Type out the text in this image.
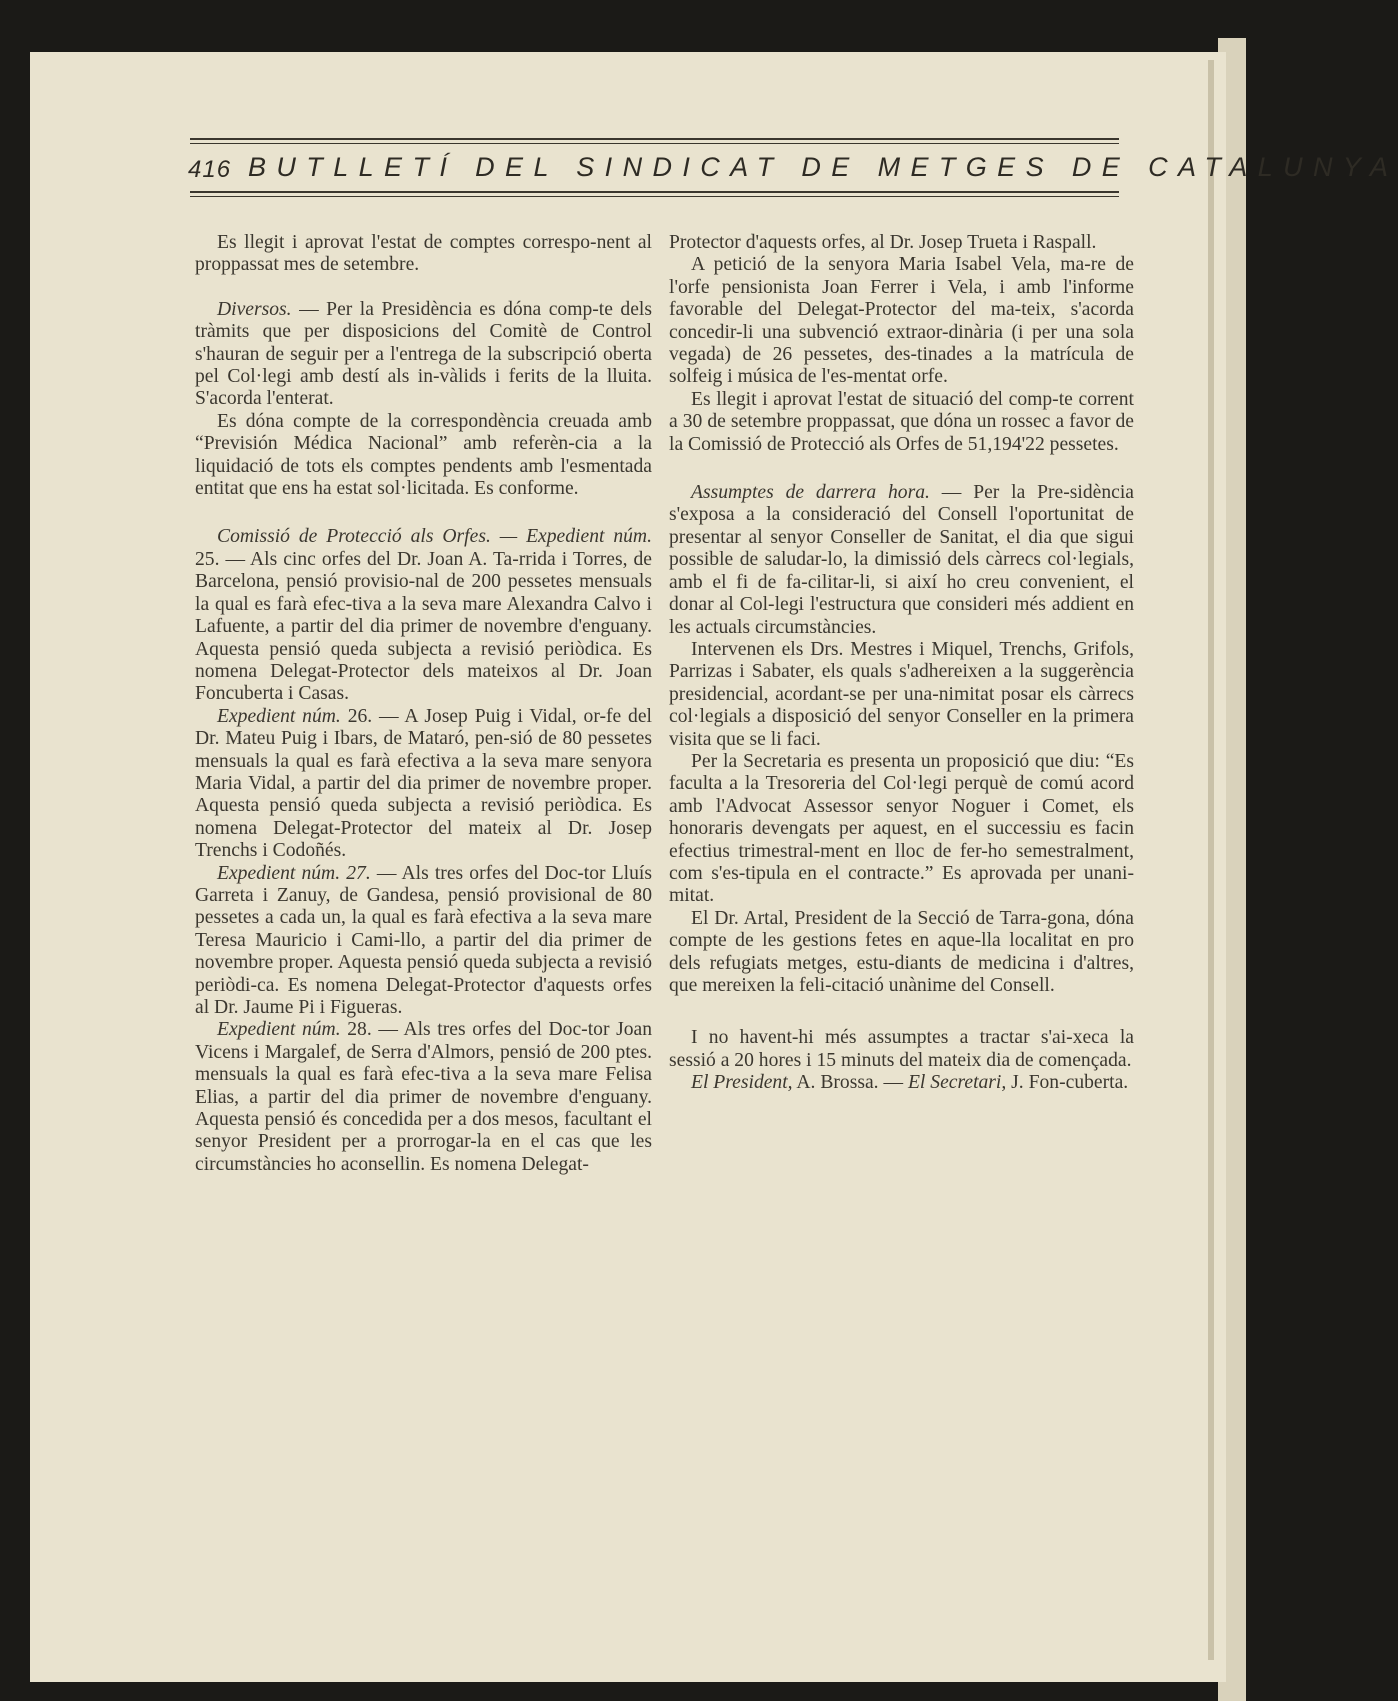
416 BUTLLETÍ DEL SINDICAT DE METGES DE CATALUNYA

Es llegit i aprovat l'estat de comptes correspo-nent al proppassat mes de setembre.

Diversos. — Per la Presidència es dóna comp-te dels tràmits que per disposicions del Comitè de Control s'hauran de seguir per a l'entrega de la subscripció oberta pel Col·legi amb destí als in-vàlids i ferits de la lluita. S'acorda l'enterat.

Es dóna compte de la correspondència creuada amb “Previsión Médica Nacional” amb referèn-cia a la liquidació de tots els comptes pendents amb l'esmentada entitat que ens ha estat sol·licitada. Es conforme.

Comissió de Protecció als Orfes. — Expedient núm. 25. — Als cinc orfes del Dr. Joan A. Ta-rrida i Torres, de Barcelona, pensió provisio-nal de 200 pessetes mensuals la qual es farà efec-tiva a la seva mare Alexandra Calvo i Lafuente, a partir del dia primer de novembre d'enguany. Aquesta pensió queda subjecta a revisió periòdica. Es nomena Delegat-Protector dels mateixos al Dr. Joan Foncuberta i Casas.

Expedient núm. 26. — A Josep Puig i Vidal, or-fe del Dr. Mateu Puig i Ibars, de Mataró, pen-sió de 80 pessetes mensuals la qual es farà efectiva a la seva mare senyora Maria Vidal, a partir del dia primer de novembre proper. Aquesta pensió queda subjecta a revisió periòdica. Es nomena Delegat-Protector del mateix al Dr. Josep Trenchs i Codoñés.

Expedient núm. 27. — Als tres orfes del Doc-tor Lluís Garreta i Zanuy, de Gandesa, pensió provisional de 80 pessetes a cada un, la qual es farà efectiva a la seva mare Teresa Mauricio i Cami-llo, a partir del dia primer de novembre proper. Aquesta pensió queda subjecta a revisió periòdi-ca. Es nomena Delegat-Protector d'aquests orfes al Dr. Jaume Pi i Figueras.

Expedient núm. 28. — Als tres orfes del Doc-tor Joan Vicens i Margalef, de Serra d'Almors, pensió de 200 ptes. mensuals la qual es farà efec-tiva a la seva mare Felisa Elias, a partir del dia primer de novembre d'enguany. Aquesta pensió és concedida per a dos mesos, facultant el senyor President per a prorrogar-la en el cas que les circumstàncies ho aconsellin. Es nomena Delegat-

Protector d'aquests orfes, al Dr. Josep Trueta i Raspall.

A petició de la senyora Maria Isabel Vela, ma-re de l'orfe pensionista Joan Ferrer i Vela, i amb l'informe favorable del Delegat-Protector del ma-teix, s'acorda concedir-li una subvenció extraor-dinària (i per una sola vegada) de 26 pessetes, des-tinades a la matrícula de solfeig i música de l'es-mentat orfe.

Es llegit i aprovat l'estat de situació del comp-te corrent a 30 de setembre proppassat, que dóna un rossec a favor de la Comissió de Protecció als Orfes de 51,194'22 pessetes.

Assumptes de darrera hora. — Per la Pre-sidència s'exposa a la consideració del Consell l'oportunitat de presentar al senyor Conseller de Sanitat, el dia que sigui possible de saludar-lo, la dimissió dels càrrecs col·legials, amb el fi de fa-cilitar-li, si així ho creu convenient, el donar al Col-legi l'estructura que consideri més addient en les actuals circumstàncies.

Intervenen els Drs. Mestres i Miquel, Trenchs, Grifols, Parrizas i Sabater, els quals s'adhereixen a la suggerència presidencial, acordant-se per una-nimitat posar els càrrecs col·legials a disposició del senyor Conseller en la primera visita que se li faci.

Per la Secretaria es presenta un proposició que diu: “Es faculta a la Tresoreria del Col·legi perquè de comú acord amb l'Advocat Assessor senyor Noguer i Comet, els honoraris devengats per aquest, en el successiu es facin efectius trimestral-ment en lloc de fer-ho semestralment, com s'es-tipula en el contracte.” Es aprovada per unani-mitat.

El Dr. Artal, President de la Secció de Tarra-gona, dóna compte de les gestions fetes en aque-lla localitat en pro dels refugiats metges, estu-diants de medicina i d'altres, que mereixen la feli-citació unànime del Consell.

I no havent-hi més assumptes a tractar s'ai-xeca la sessió a 20 hores i 15 minuts del mateix dia de començada.

El President, A. Brossa. — El Secretari, J. Fon-cuberta.
